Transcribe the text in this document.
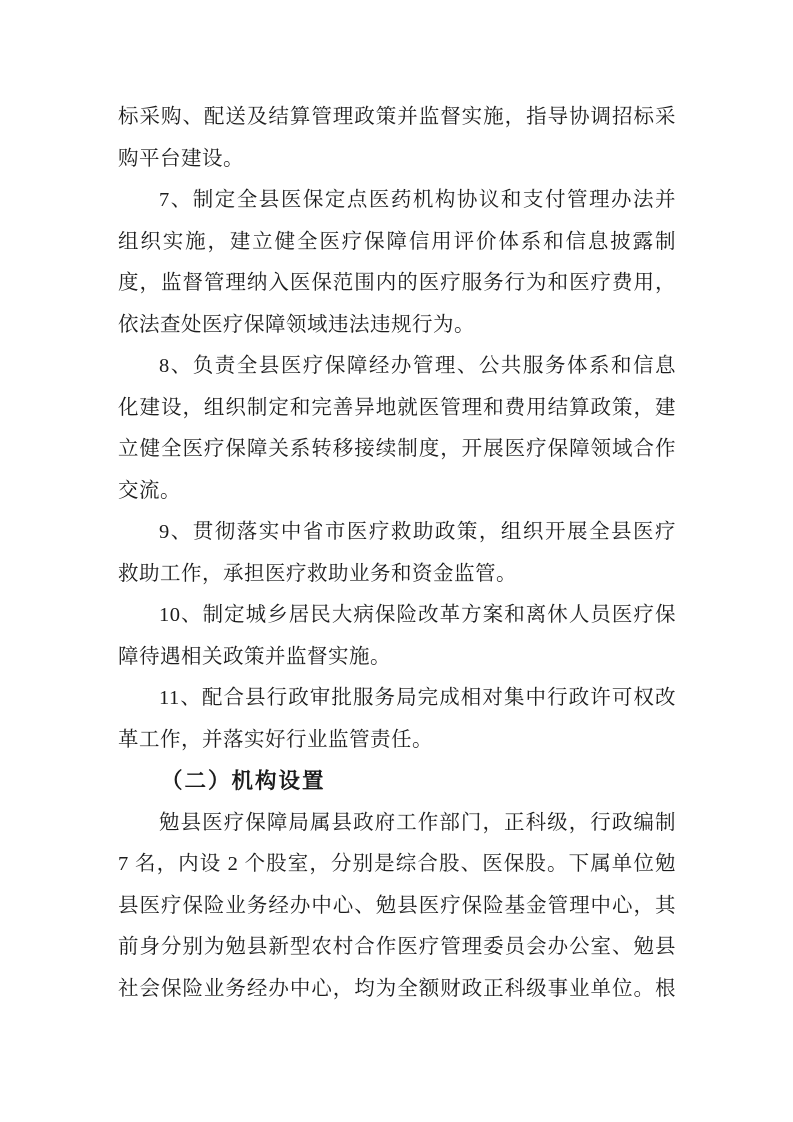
标采购、配送及结算管理政策并监督实施，指导协调招标采
购平台建设。
7、制定全县医保定点医药机构协议和支付管理办法并
组织实施，建立健全医疗保障信用评价体系和信息披露制
度，监督管理纳入医保范围内的医疗服务行为和医疗费用，
依法查处医疗保障领域违法违规行为。
8、负责全县医疗保障经办管理、公共服务体系和信息
化建设，组织制定和完善异地就医管理和费用结算政策，建
立健全医疗保障关系转移接续制度，开展医疗保障领域合作
交流。
9、贯彻落实中省市医疗救助政策，组织开展全县医疗
救助工作，承担医疗救助业务和资金监管。
10、制定城乡居民大病保险改革方案和离休人员医疗保
障待遇相关政策并监督实施。
11、配合县行政审批服务局完成相对集中行政许可权改
革工作，并落实好行业监管责任。
（二）机构设置
勉县医疗保障局属县政府工作部门，正科级，行政编制
7 名，内设 2 个股室，分别是综合股、医保股。下属单位勉
县医疗保险业务经办中心、勉县医疗保险基金管理中心，其
前身分别为勉县新型农村合作医疗管理委员会办公室、勉县
社会保险业务经办中心，均为全额财政正科级事业单位。根
